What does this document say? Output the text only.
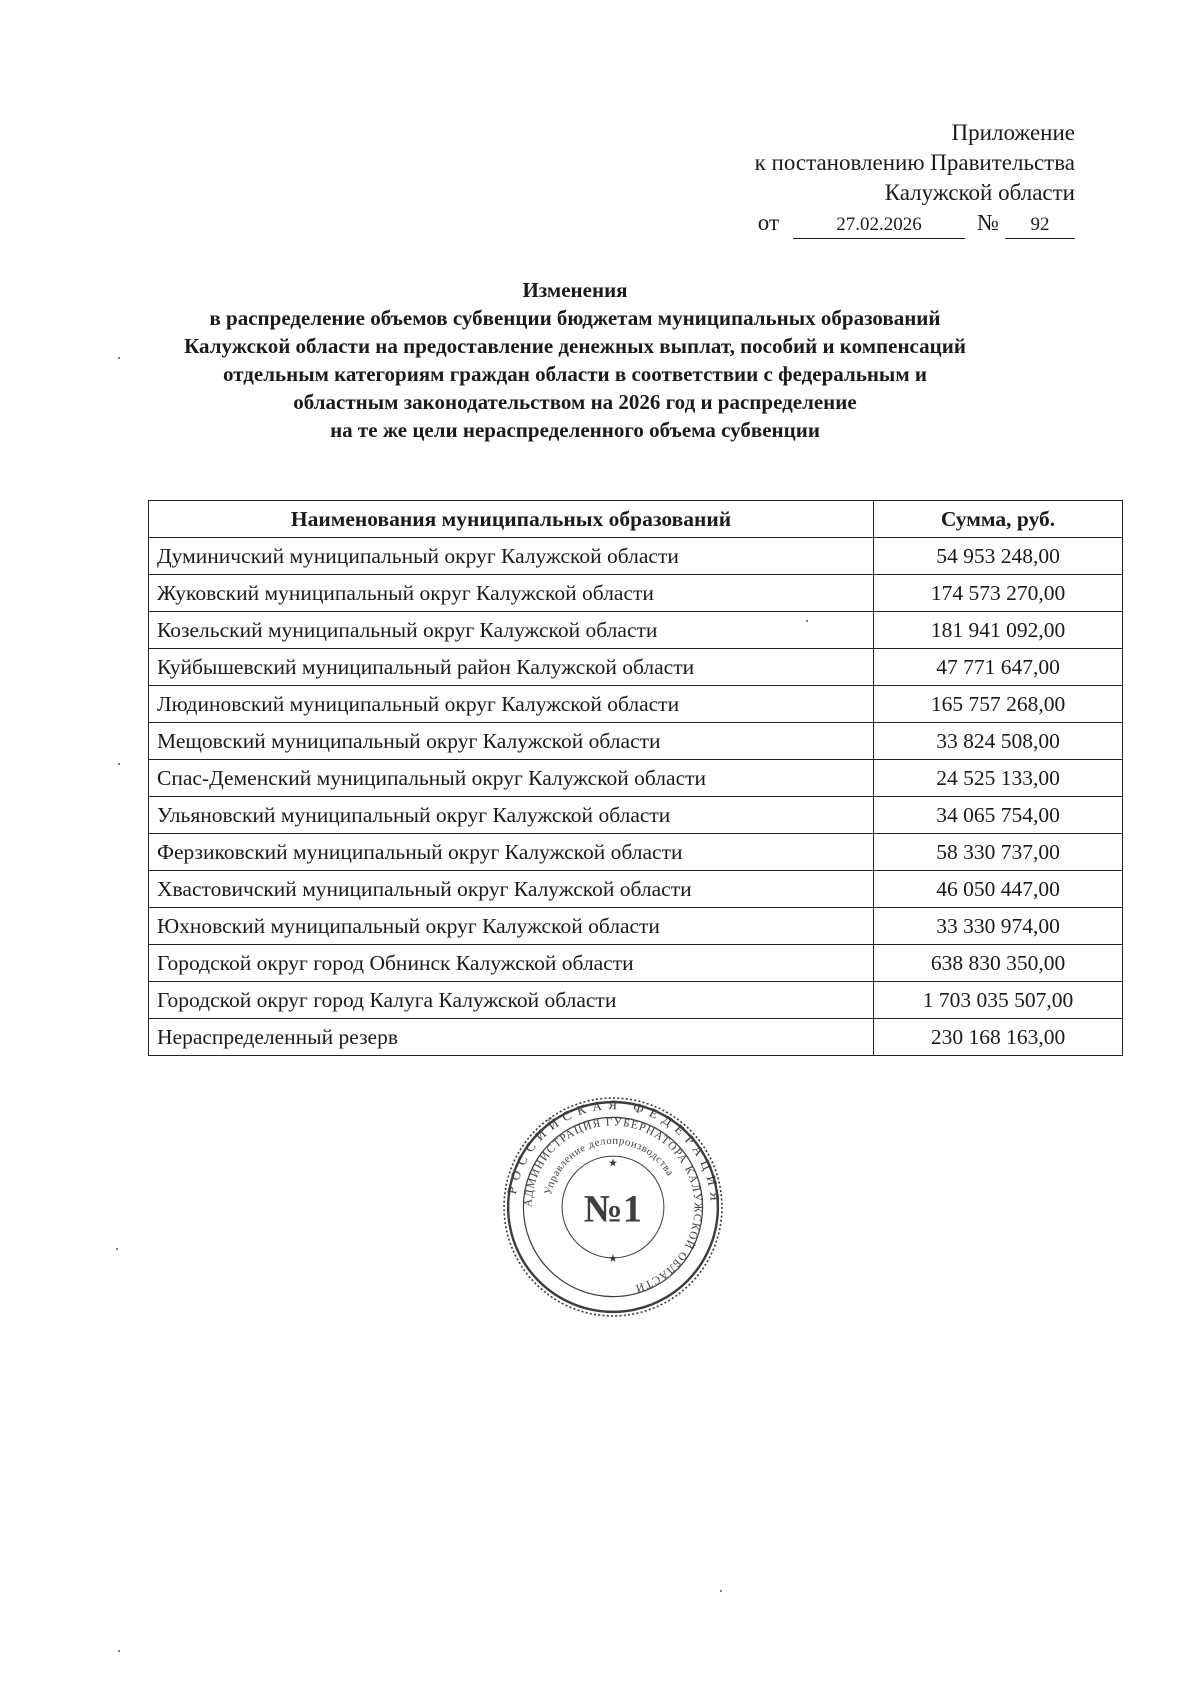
Приложение
к постановлению Правительства
Калужской области
от	27.02.2026	№	92
Изменения
в распределение объемов субвенции бюджетам муниципальных образований
Калужской области на предоставление денежных выплат, пособий и компенсаций
отдельным категориям граждан области в соответствии с федеральным и
областным законодательством на 2026 год и распределение
на те же цели нераспределенного объема субвенции
Наименования муниципальных образований	Сумма, руб.
Думиничский муниципальный округ Калужской области	54 953 248,00
Жуковский муниципальный округ Калужской области	174 573 270,00
Козельский муниципальный округ Калужской области	181 941 092,00
Куйбышевский муниципальный район Калужской области	47 771 647,00
Людиновский муниципальный округ Калужской области	165 757 268,00
Мещовский муниципальный округ Калужской области	33 824 508,00
Спас-Деменский муниципальный округ Калужской области	24 525 133,00
Ульяновский муниципальный округ Калужской области	34 065 754,00
Ферзиковский муниципальный округ Калужской области	58 330 737,00
Хвастовичский муниципальный округ Калужской области	46 050 447,00
Юхновский муниципальный округ Калужской области	33 330 974,00
Городской округ город Обнинск Калужской области	638 830 350,00
Городской округ город Калуга Калужской области	1 703 035 507,00
Нераспределенный резерв	230 168 163,00
РОССИЙСКАЯ ФЕДЕРАЦИЯ
АДМИНИСТРАЦИЯ ГУБЕРНАТОРА КАЛУЖСКОЙ ОБЛАСТИ
Управление делопроизводства
№1
★
★
